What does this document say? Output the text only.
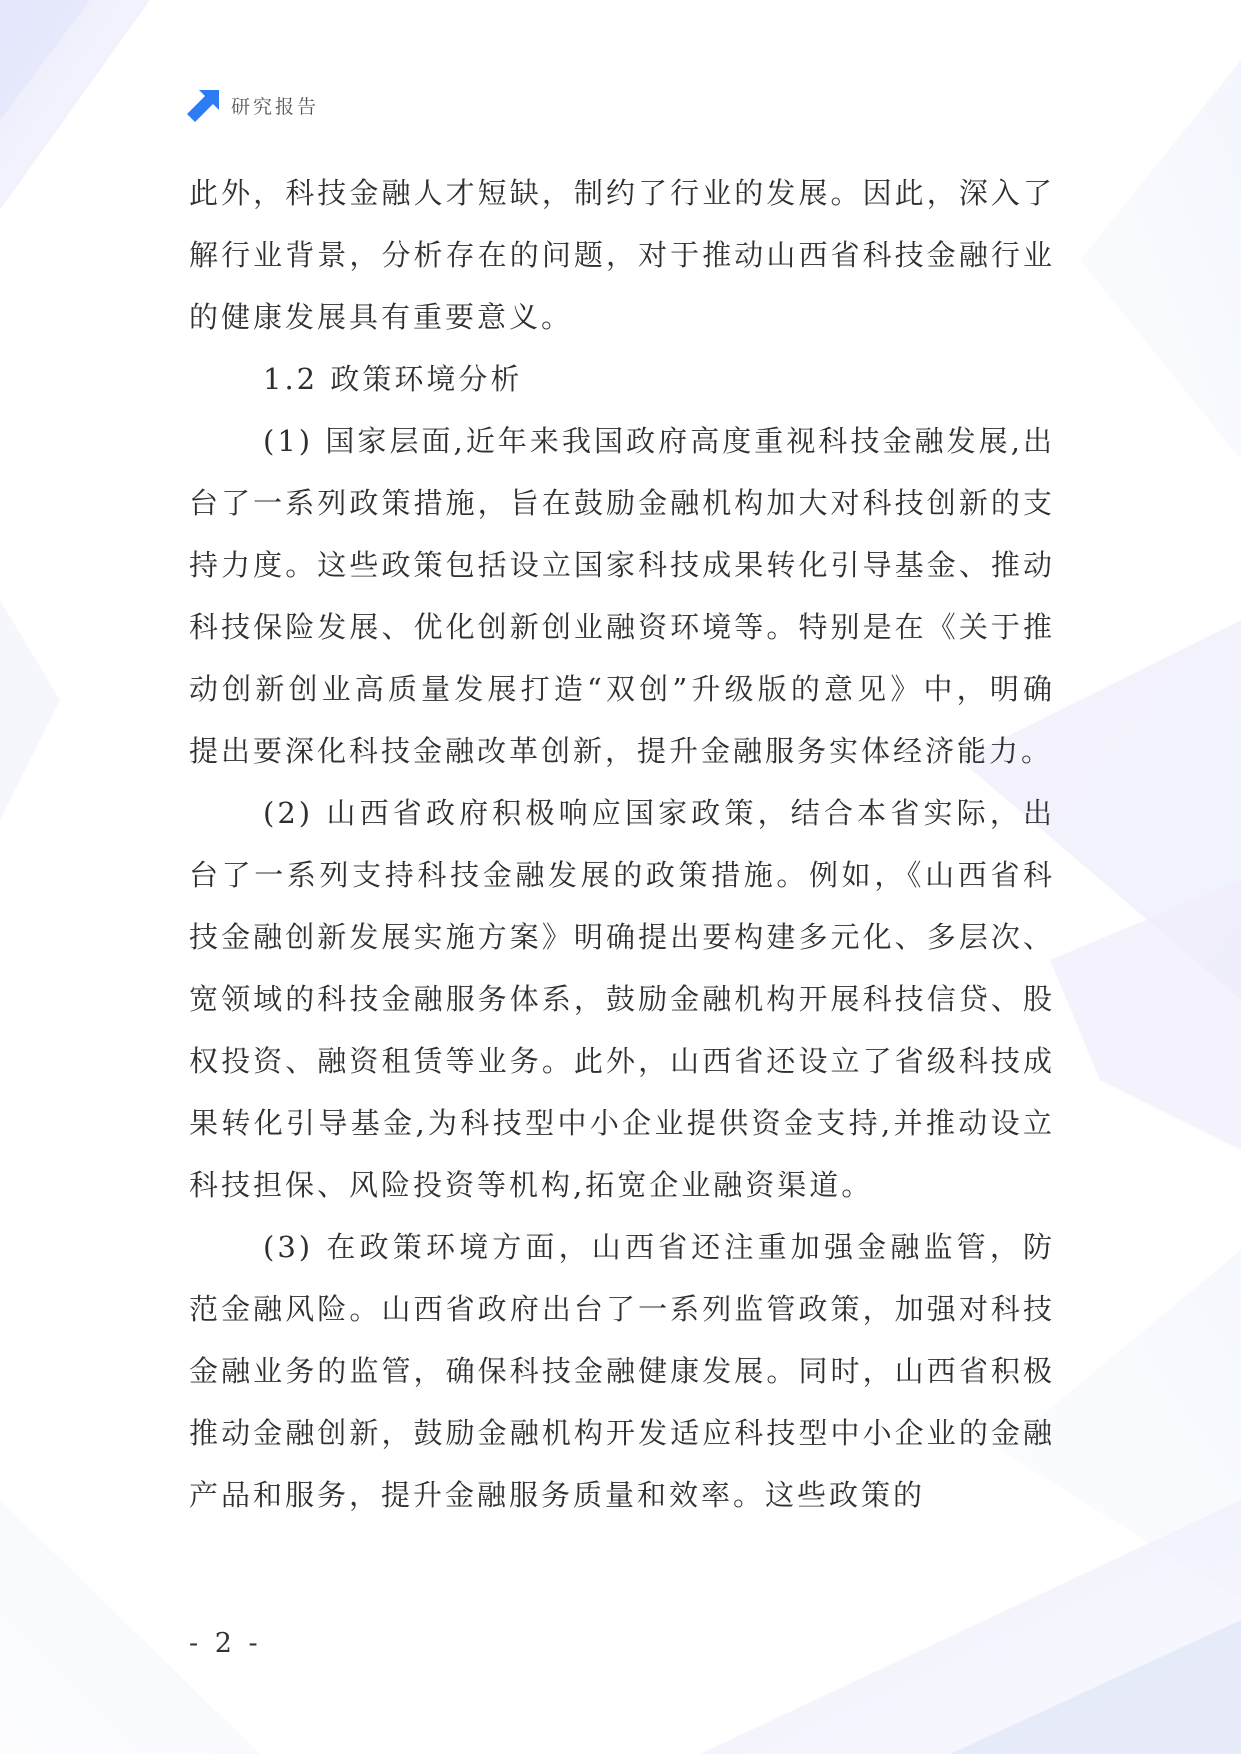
研究报告

此外，科技金融人才短缺，制约了行业的发展。因此，深入了解行业背景，分析存在的问题，对于推动山西省科技金融行业的健康发展具有重要意义。

1.2 政策环境分析

(1) 国家层面,近年来我国政府高度重视科技金融发展,出台了一系列政策措施，旨在鼓励金融机构加大对科技创新的支持力度。这些政策包括设立国家科技成果转化引导基金、推动科技保险发展、优化创新创业融资环境等。特别是在《关于推动创新创业高质量发展打造“双创”升级版的意见》中，明确提出要深化科技金融改革创新，提升金融服务实体经济能力。

(2) 山西省政府积极响应国家政策，结合本省实际，出台了一系列支持科技金融发展的政策措施。例如，《山西省科技金融创新发展实施方案》明确提出要构建多元化、多层次、宽领域的科技金融服务体系，鼓励金融机构开展科技信贷、股权投资、融资租赁等业务。此外，山西省还设立了省级科技成果转化引导基金,为科技型中小企业提供资金支持,并推动设立科技担保、风险投资等机构,拓宽企业融资渠道。

(3) 在政策环境方面，山西省还注重加强金融监管，防范金融风险。山西省政府出台了一系列监管政策，加强对科技金融业务的监管，确保科技金融健康发展。同时，山西省积极推动金融创新，鼓励金融机构开发适应科技型中小企业的金融产品和服务，提升金融服务质量和效率。这些政策的

- 2 -
